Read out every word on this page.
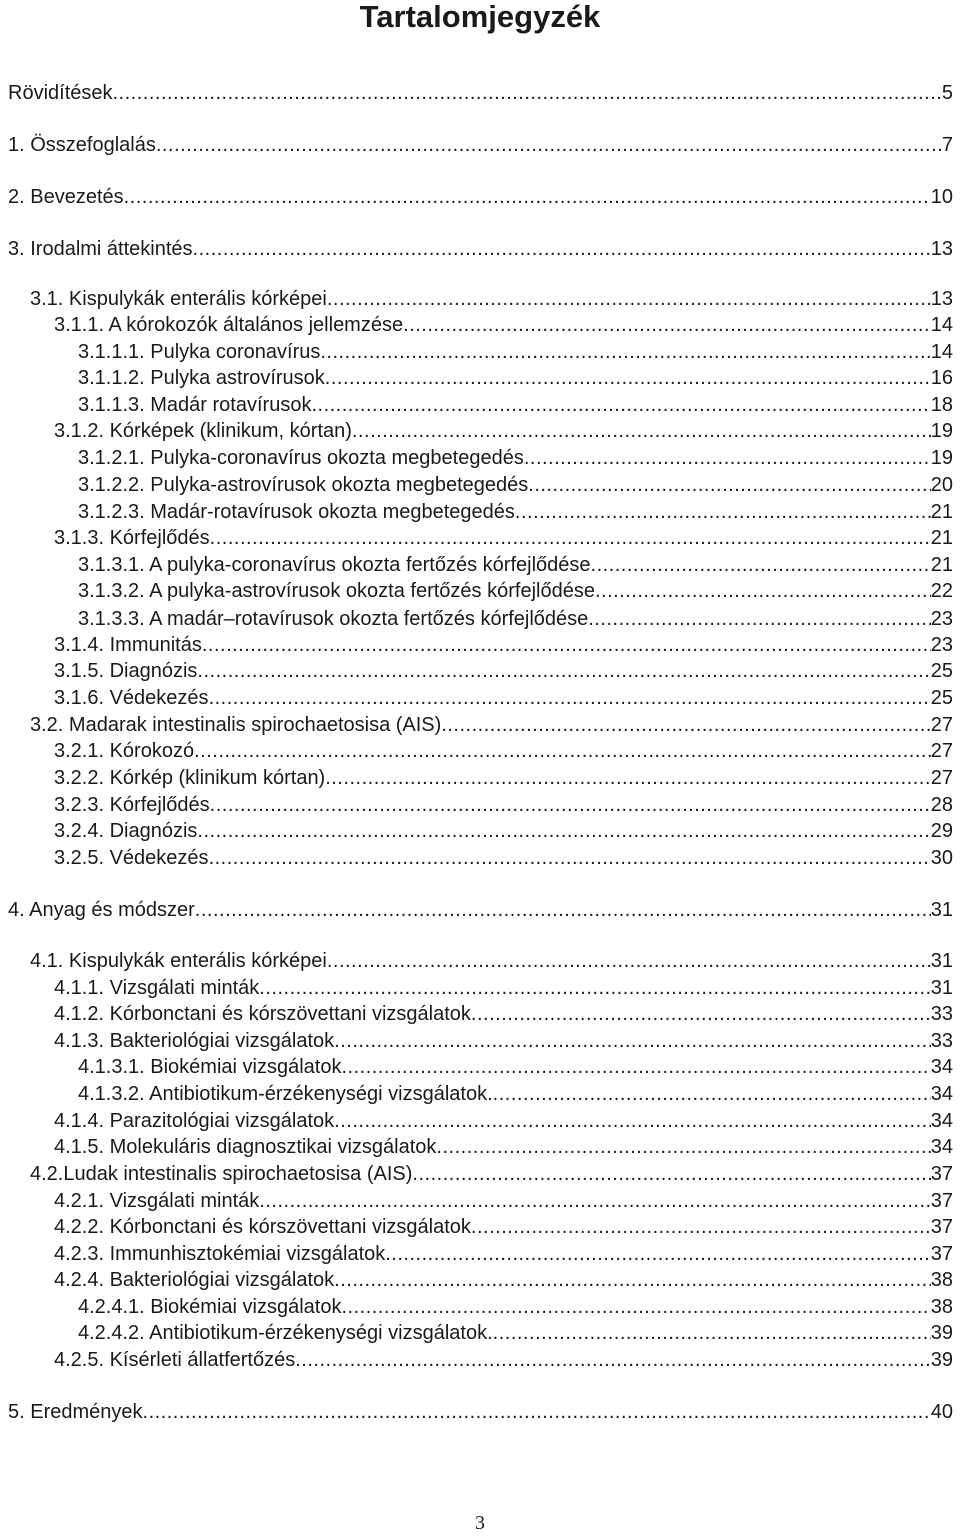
Tartalomjegyzék
Rövidítések .....	5
1. Összefoglalás .....	7
2. Bevezetés .....	10
3. Irodalmi áttekintés .....	13
3.1. Kispulykák enterális kórképei .....	13
3.1.1. A kórokozók általános jellemzése .....	14
3.1.1.1. Pulyka coronavírus .....	14
3.1.1.2. Pulyka astrovírusok .....	16
3.1.1.3. Madár rotavírusok .....	18
3.1.2. Kórképek (klinikum, kórtan) .....	19
3.1.2.1. Pulyka-coronavírus okozta megbetegedés .....	19
3.1.2.2. Pulyka-astrovírusok okozta megbetegedés .....	20
3.1.2.3. Madár-rotavírusok okozta megbetegedés .....	21
3.1.3. Kórfejlődés .....	21
3.1.3.1. A pulyka-coronavírus okozta fertőzés kórfejlődése .....	21
3.1.3.2. A pulyka-astrovírusok okozta fertőzés kórfejlődése .....	22
3.1.3.3. A madár–rotavírusok okozta fertőzés kórfejlődése .....	23
3.1.4. Immunitás .....	23
3.1.5. Diagnózis .....	25
3.1.6. Védekezés .....	25
3.2. Madarak intestinalis spirochaetosisa (AIS) .....	27
3.2.1. Kórokozó .....	27
3.2.2. Kórkép (klinikum kórtan) .....	27
3.2.3. Kórfejlődés .....	28
3.2.4. Diagnózis .....	29
3.2.5. Védekezés .....	30
4. Anyag és módszer .....	31
4.1. Kispulykák enterális kórképei .....	31
4.1.1. Vizsgálati minták .....	31
4.1.2. Kórbonctani és kórszövettani vizsgálatok .....	33
4.1.3. Bakteriológiai vizsgálatok .....	33
4.1.3.1. Biokémiai vizsgálatok .....	34
4.1.3.2. Antibiotikum-érzékenységi vizsgálatok. .....	34
4.1.4. Parazitológiai vizsgálatok .....	34
4.1.5. Molekuláris diagnosztikai vizsgálatok .....	34
4.2.Ludak intestinalis spirochaetosisa (AIS) .....	37
4.2.1. Vizsgálati minták .....	37
4.2.2. Kórbonctani és kórszövettani vizsgálatok .....	37
4.2.3. Immunhisztokémiai vizsgálatok .....	37
4.2.4. Bakteriológiai vizsgálatok .....	38
4.2.4.1. Biokémiai vizsgálatok .....	38
4.2.4.2. Antibiotikum-érzékenységi vizsgálatok. .....	39
4.2.5. Kísérleti állatfertőzés .....	39
5. Eredmények .....	40
3
